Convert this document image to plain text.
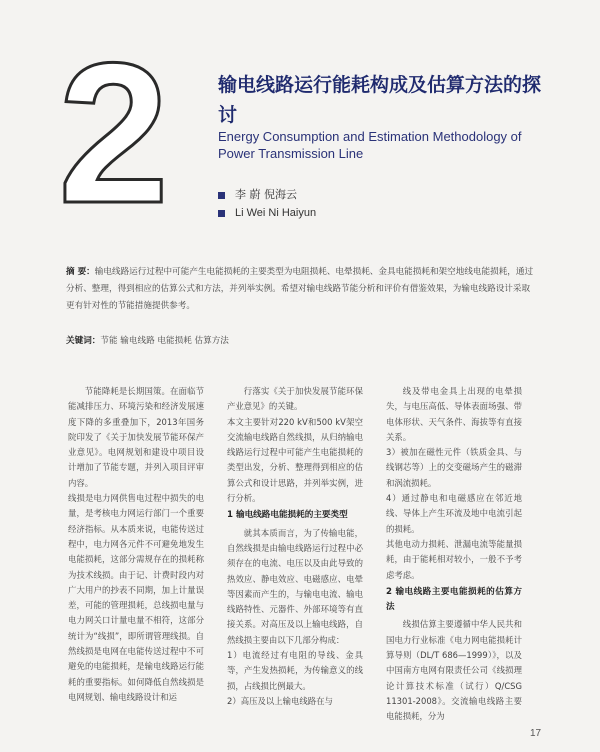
2	输电线路运行能耗构成及估算方法的探讨
Energy Consumption and Estimation Methodology of Power Transmission Line
李 蔚 倪海云
Li Wei Ni Haiyun
摘 要：输电线路运行过程中可能产生电能损耗的主要类型为电阻损耗、电晕损耗、金具电能损耗和架空地线电能损耗，通过分析、整理，得到相应的估算公式和方法，并列举实例。希望对输电线路节能分析和评价有借鉴效果，为输电线路设计采取更有针对性的节能措施提供参考。
关键词：节能 输电线路 电能损耗 估算方法

节能降耗是长期国策。在面临节能减排压力、环境污染和经济发展速度下降的多重叠加下，2013年国务院印发了《关于加快发展节能环保产业意见》。电网规划和建设中项目设计增加了节能专题，并列入项目评审内容。
线损是电力网供售电过程中损失的电量，是考核电力网运行部门一个重要经济指标。从本质来说，电能传送过程中，电力网各元件不可避免地发生电能损耗，这部分需规存在的损耗称为技术线损。由于记、计费时段内对广大用户的抄表不同期，加上计量误差，可能的管理损耗，总线损电量与电力网关口计量电量不相符，这部分统计为“线损”，即所谓管理线损。自然线损是电网在电能传送过程中不可避免的电能损耗，是输电线路运行能耗的重要指标。如何降低自然线损是电网规划、输电线路设计和运

行落实《关于加快发展节能环保产业意见》的关键。
本文主要针对220 kV和500 kV架空交流输电线路自然线损，从归纳输电线路运行过程中可能产生电能损耗的类型出发，分析、整理得到相应的估算公式和设计思路，并列举实例，进行分析。

1 输电线路电能损耗的主要类型

就其本质而言，为了传输电能，自然线损是由输电线路运行过程中必须存在的电流、电压以及由此导致的热效应、静电效应、电磁感应、电晕等因素而产生的，与输电电流、输电线路特性、元器件、外部环境等有直接关系。对高压及以上输电线路，自然线损主要由以下几部分构成：
1）电流经过有电阻的导线、金具等，产生发热损耗，为传输意义的线损，占线损比例最大。
2）高压及以上输电线路在与

线及带电金具上出现的电晕损失，与电压高低、导体表面场强、带电体形状、天气条件、海拔等有直接关系。
3）被加在磁性元件（铁质金具、与线钢芯等）上的交变磁场产生的磁滞和涡流损耗。
4）通过静电和电磁感应在邻近地线、导体上产生环流及地中电流引起的损耗。
其他电动力损耗、泄漏电流等能量损耗，由于能耗相对较小，一般不予考虑考虑。

2 输电线路主要电能损耗的估算方法

线损估算主要遵循中华人民共和国电力行业标准《电力网电能损耗计算导则（DL/T 686—1999）》，以及中国南方电网有限责任公司《线损理论计算技术标准（试行）Q/CSG 11301-2008》。交流输电线路主要电能损耗，分为

17
